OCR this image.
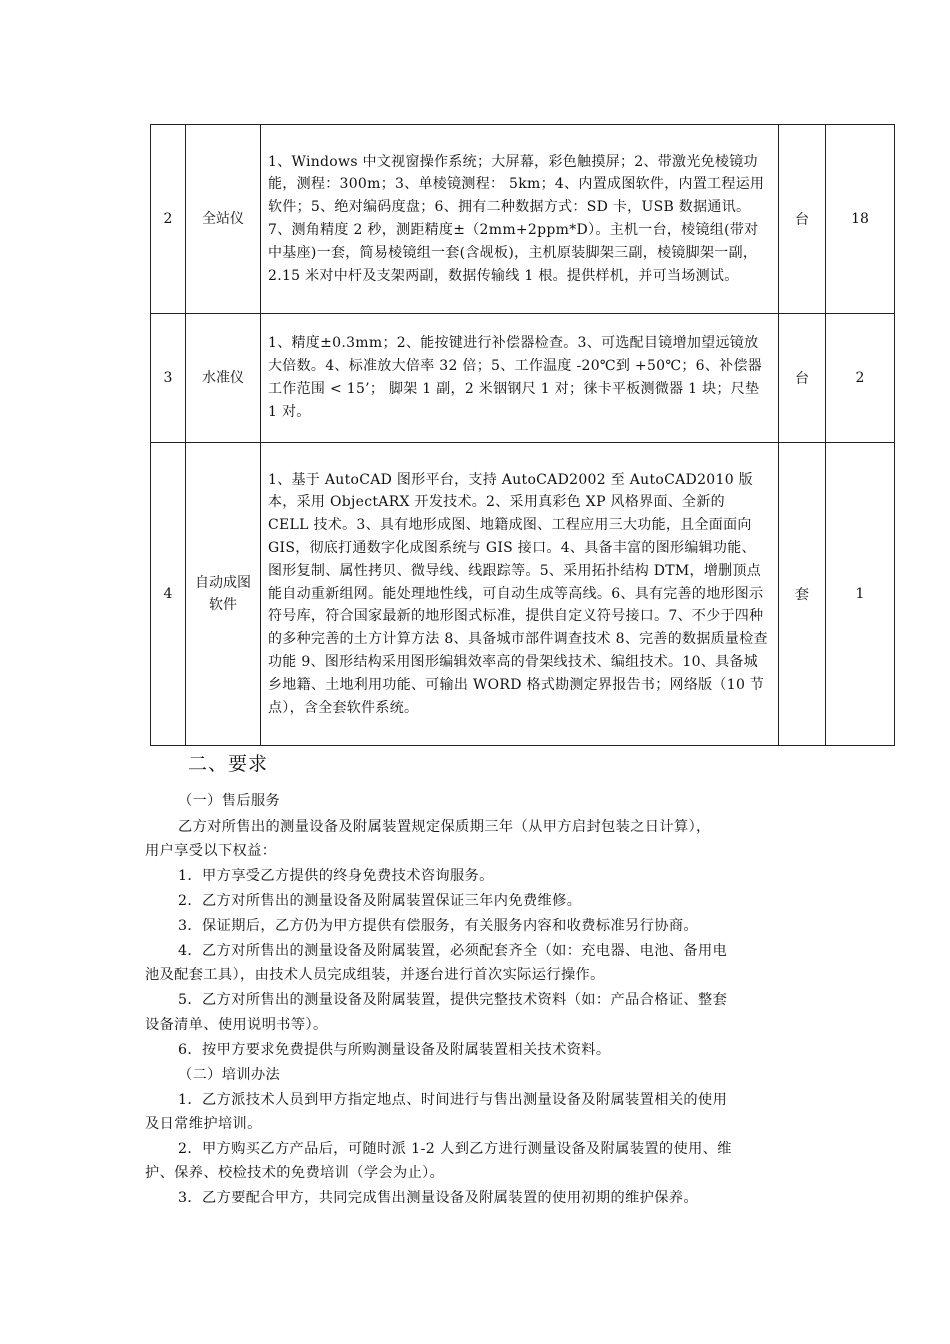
2	全站仪	1、Windows 中文视窗操作系统；大屏幕，彩色触摸屏；2、带激光免棱镜功能，测程：300m；3、单棱镜测程： 5km；4、内置成图软件，内置工程运用软件；5、绝对编码度盘；6、拥有二种数据方式：SD 卡，USB 数据通讯。7、测角精度 2 秒，测距精度±（2mm+2ppm*D）。主机一台，棱镜组(带对中基座)一套，简易棱镜组一套(含觇板)，主机原装脚架三副，棱镜脚架一副，2.15 米对中杆及支架两副，数据传输线 1 根。提供样机，并可当场测试。	台	18
3	水准仪	1、精度±0.3mm；2、能按键进行补偿器检查。3、可选配目镜增加望远镜放大倍数。4、标准放大倍率 32 倍；5、工作温度 -20℃到 +50℃；6、补偿器工作范围 < 15’； 脚架 1 副，2 米铟钢尺 1 对；徕卡平板测微器 1 块；尺垫 1 对。	台	2
4	自动成图软件	1、基于 AutoCAD 图形平台，支持 AutoCAD2002 至 AutoCAD2010 版本，采用 ObjectARX 开发技术。2、采用真彩色 XP 风格界面、全新的 CELL 技术。3、具有地形成图、地籍成图、工程应用三大功能，且全面面向 GIS，彻底打通数字化成图系统与 GIS 接口。4、具备丰富的图形编辑功能、图形复制、属性拷贝、微导线、线跟踪等。5、采用拓扑结构 DTM，增删顶点能自动重新组网。能处理地性线，可自动生成等高线。6、具有完善的地形图示符号库，符合国家最新的地形图式标准，提供自定义符号接口。7、不少于四种的多种完善的土方计算方法 8、具备城市部件调查技术 8、完善的数据质量检查功能 9、图形结构采用图形编辑效率高的骨架线技术、编组技术。10、具备城乡地籍、土地利用功能、可输出 WORD 格式勘测定界报告书；网络版（10 节点），含全套软件系统。	套	1
二、要求
（一）售后服务
乙方对所售出的测量设备及附属装置规定保质期三年（从甲方启封包装之日计算），
用户享受以下权益：
1．甲方享受乙方提供的终身免费技术咨询服务。
2．乙方对所售出的测量设备及附属装置保证三年内免费维修。
3．保证期后，乙方仍为甲方提供有偿服务，有关服务内容和收费标准另行协商。
4．乙方对所售出的测量设备及附属装置，必须配套齐全（如：充电器、电池、备用电
池及配套工具），由技术人员完成组装，并逐台进行首次实际运行操作。
5．乙方对所售出的测量设备及附属装置，提供完整技术资料（如：产品合格证、整套
设备清单、使用说明书等）。
6．按甲方要求免费提供与所购测量设备及附属装置相关技术资料。
（二）培训办法
1．乙方派技术人员到甲方指定地点、时间进行与售出测量设备及附属装置相关的使用
及日常维护培训。
2．甲方购买乙方产品后，可随时派 1-2 人到乙方进行测量设备及附属装置的使用、维
护、保养、校检技术的免费培训（学会为止）。
3．乙方要配合甲方，共同完成售出测量设备及附属装置的使用初期的维护保养。
